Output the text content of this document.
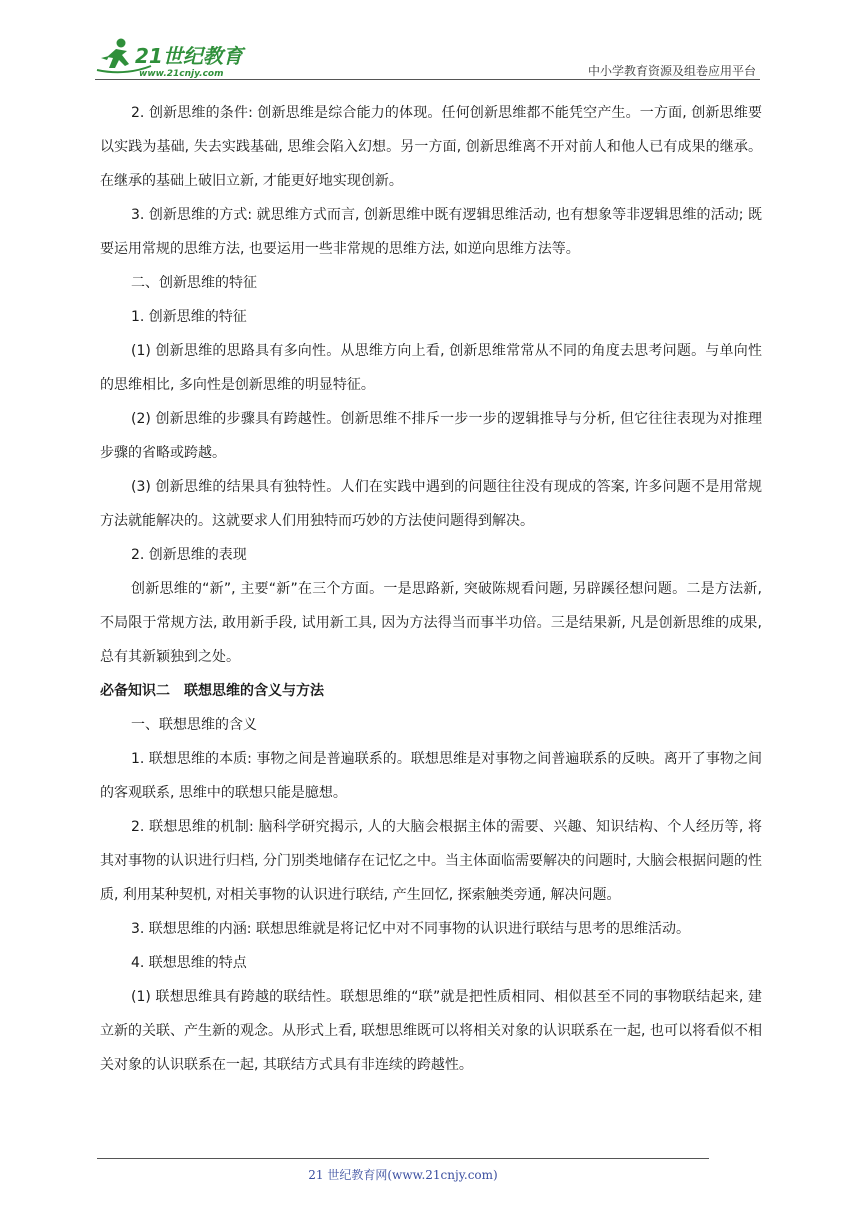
21世纪教育
www.21cnjy.com	中小学教育资源及组卷应用平台

2. 创新思维的条件: 创新思维是综合能力的体现。任何创新思维都不能凭空产生。一方面, 创新思维要以实践为基础, 失去实践基础, 思维会陷入幻想。另一方面, 创新思维离不开对前人和他人已有成果的继承。在继承的基础上破旧立新, 才能更好地实现创新。

3. 创新思维的方式: 就思维方式而言, 创新思维中既有逻辑思维活动, 也有想象等非逻辑思维的活动; 既要运用常规的思维方法, 也要运用一些非常规的思维方法, 如逆向思维方法等。

二、创新思维的特征

1. 创新思维的特征

(1) 创新思维的思路具有多向性。从思维方向上看, 创新思维常常从不同的角度去思考问题。与单向性的思维相比, 多向性是创新思维的明显特征。

(2) 创新思维的步骤具有跨越性。创新思维不排斥一步一步的逻辑推导与分析, 但它往往表现为对推理步骤的省略或跨越。

(3) 创新思维的结果具有独特性。人们在实践中遇到的问题往往没有现成的答案, 许多问题不是用常规方法就能解决的。这就要求人们用独特而巧妙的方法使问题得到解决。

2. 创新思维的表现

创新思维的“新”, 主要“新”在三个方面。一是思路新, 突破陈规看问题, 另辟蹊径想问题。二是方法新, 不局限于常规方法, 敢用新手段, 试用新工具, 因为方法得当而事半功倍。三是结果新, 凡是创新思维的成果, 总有其新颖独到之处。

必备知识二　联想思维的含义与方法

一、联想思维的含义

1. 联想思维的本质: 事物之间是普遍联系的。联想思维是对事物之间普遍联系的反映。离开了事物之间的客观联系, 思维中的联想只能是臆想。

2. 联想思维的机制: 脑科学研究揭示, 人的大脑会根据主体的需要、兴趣、知识结构、个人经历等, 将其对事物的认识进行归档, 分门别类地储存在记忆之中。当主体面临需要解决的问题时, 大脑会根据问题的性质, 利用某种契机, 对相关事物的认识进行联结, 产生回忆, 探索触类旁通, 解决问题。

3. 联想思维的内涵: 联想思维就是将记忆中对不同事物的认识进行联结与思考的思维活动。

4. 联想思维的特点

(1) 联想思维具有跨越的联结性。联想思维的“联”就是把性质相同、相似甚至不同的事物联结起来, 建立新的关联、产生新的观念。从形式上看, 联想思维既可以将相关对象的认识联系在一起, 也可以将看似不相关对象的认识联系在一起, 其联结方式具有非连续的跨越性。

21 世纪教育网(www.21cnjy.com)
